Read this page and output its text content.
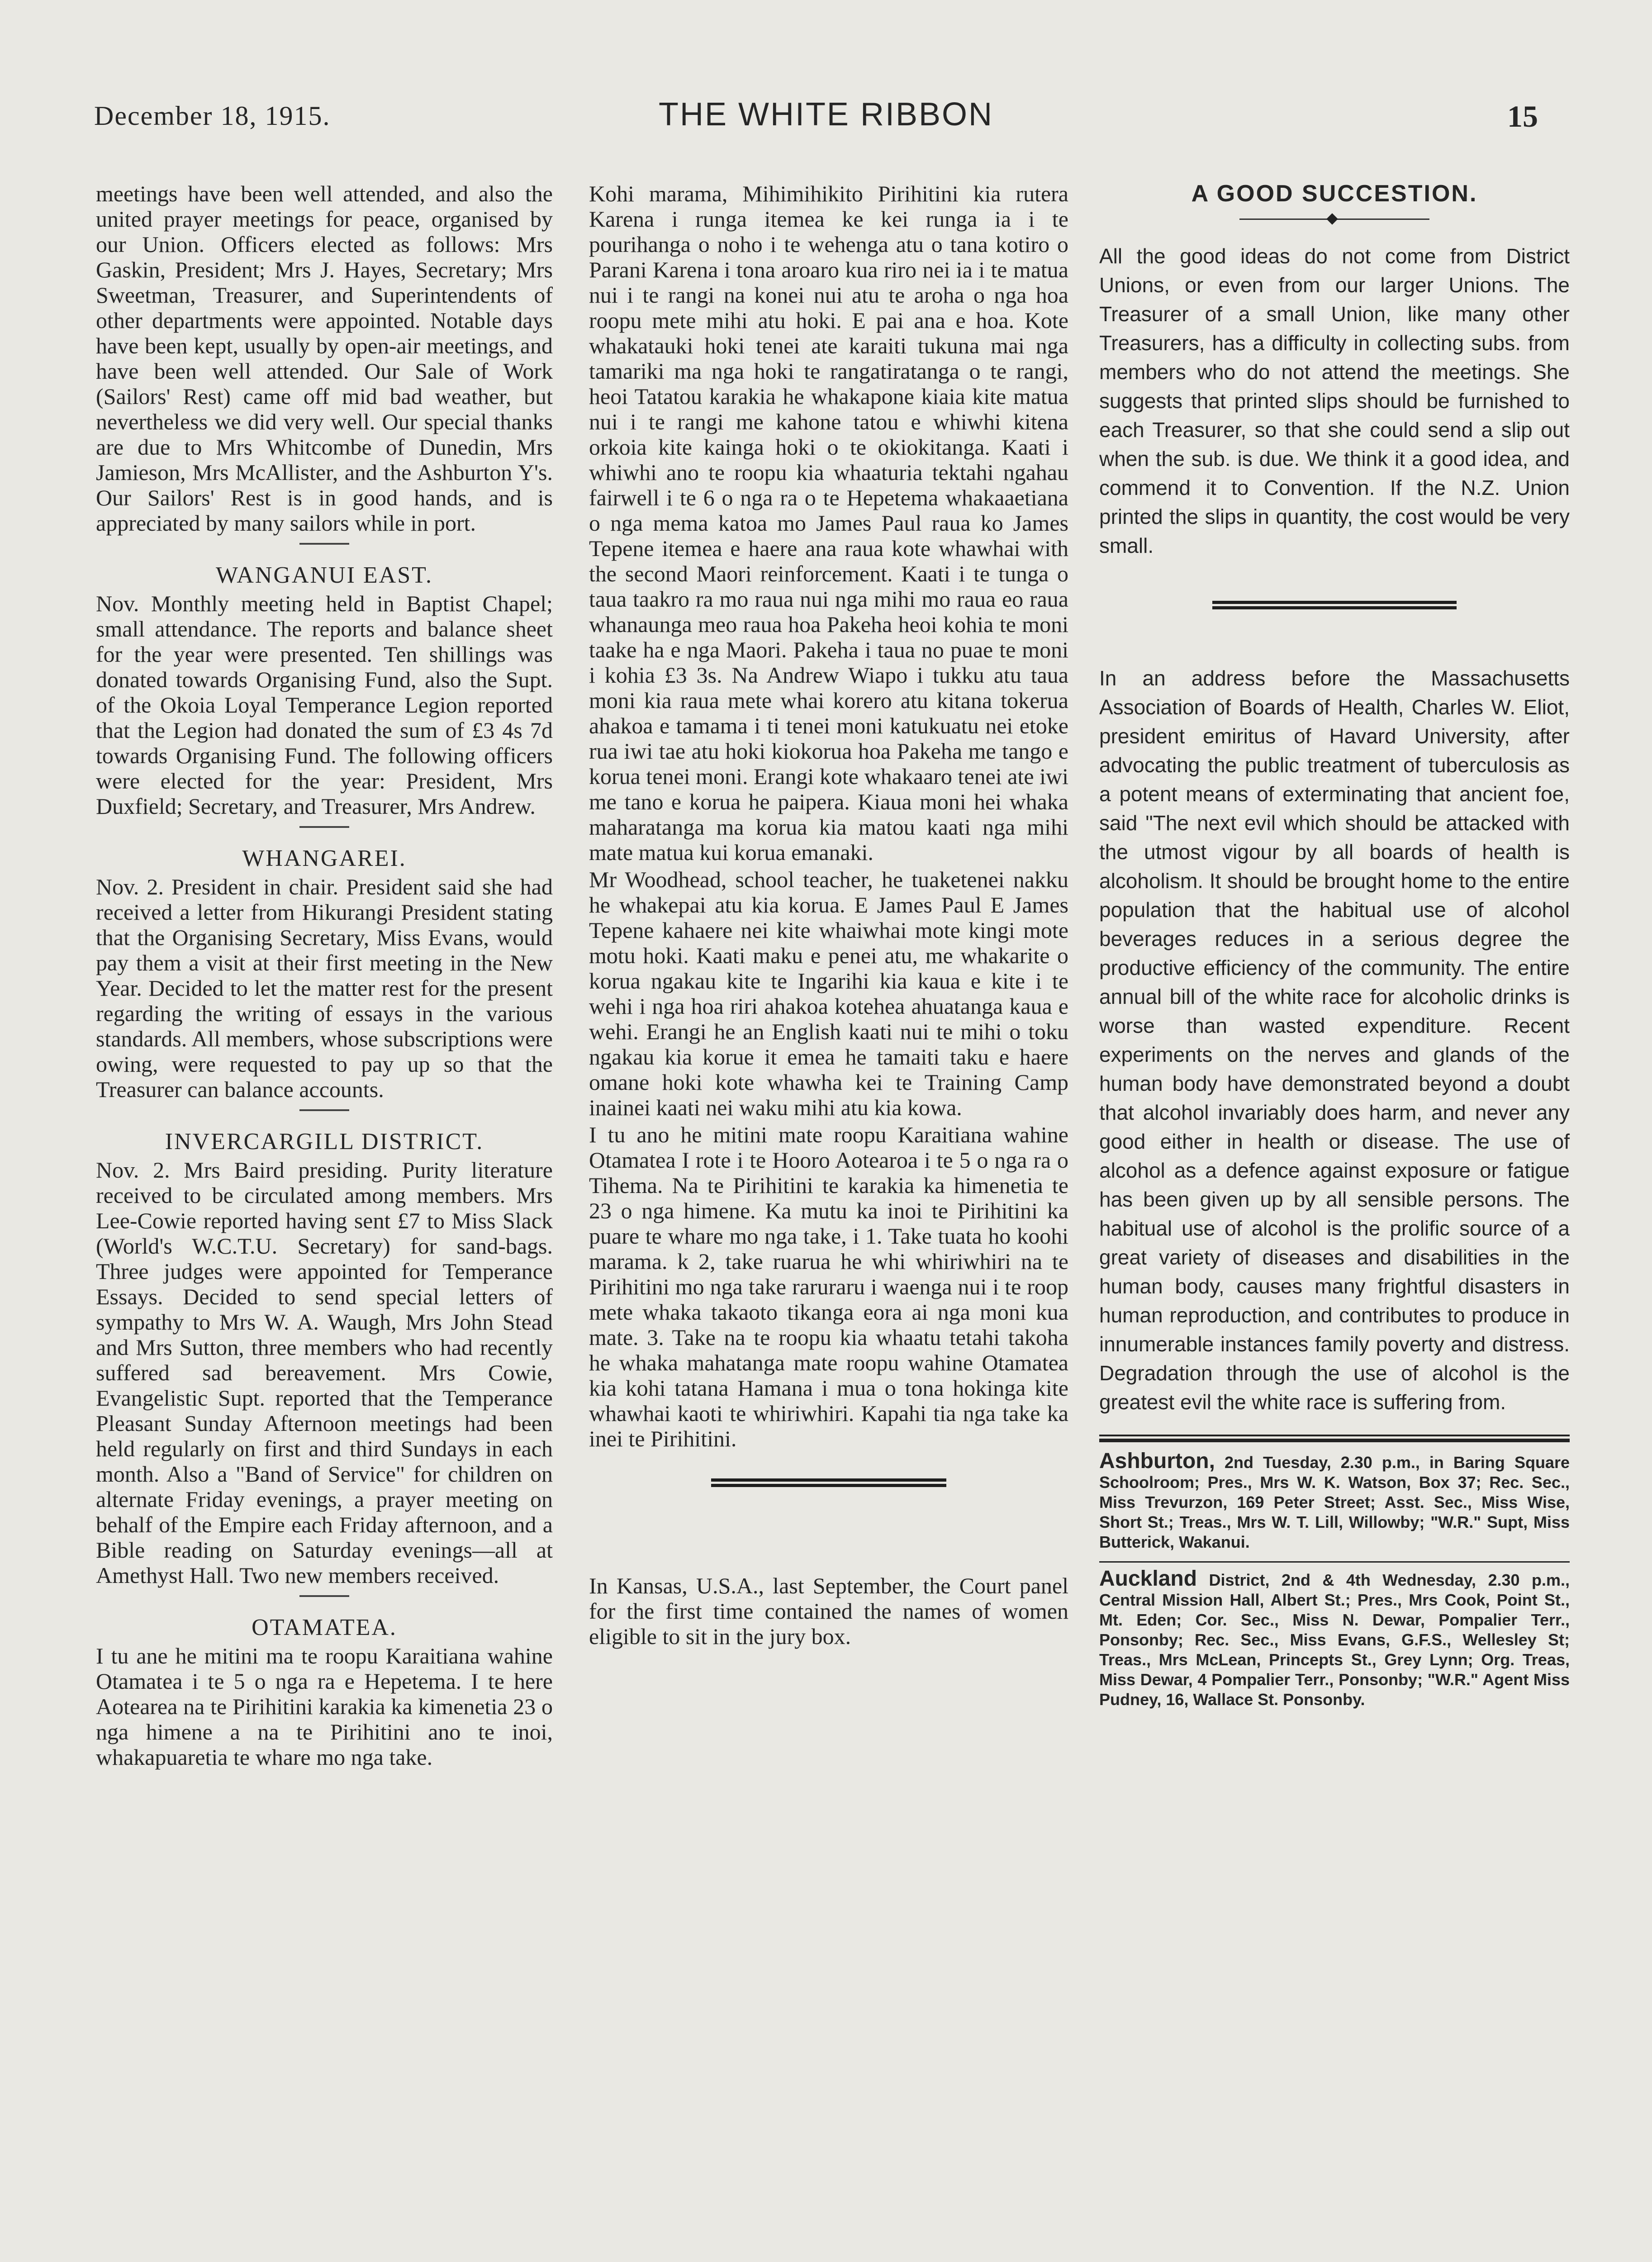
December 18, 1915.	THE WHITE RIBBON	15

meetings have been well attended, and also the united prayer meetings for peace, organised by our Union. Officers elected as follows: Mrs Gaskin, President; Mrs J. Hayes, Secretary; Mrs Sweetman, Treasurer, and Superintendents of other departments were appointed. Notable days have been kept, usually by open-air meetings, and have been well attended. Our Sale of Work (Sailors' Rest) came off mid bad weather, but nevertheless we did very well. Our special thanks are due to Mrs Whitcombe of Dunedin, Mrs Jamieson, Mrs McAllister, and the Ashburton Y's. Our Sailors' Rest is in good hands, and is appreciated by many sailors while in port.

WANGANUI EAST.

Nov. Monthly meeting held in Baptist Chapel; small attendance. The reports and balance sheet for the year were presented. Ten shillings was donated towards Organising Fund, also the Supt. of the Okoia Loyal Temperance Legion reported that the Legion had donated the sum of £3 4s 7d towards Organising Fund. The following officers were elected for the year: President, Mrs Duxfield; Secretary, and Treasurer, Mrs Andrew.

WHANGAREI.

Nov. 2. President in chair. President said she had received a letter from Hikurangi President stating that the Organising Secretary, Miss Evans, would pay them a visit at their first meeting in the New Year. Decided to let the matter rest for the present regarding the writing of essays in the various standards. All members, whose subscriptions were owing, were requested to pay up so that the Treasurer can balance accounts.

INVERCARGILL DISTRICT.

Nov. 2. Mrs Baird presiding. Purity literature received to be circulated among members. Mrs Lee-Cowie reported having sent £7 to Miss Slack (World's W.C.T.U. Secretary) for sand-bags. Three judges were appointed for Temperance Essays. Decided to send special letters of sympathy to Mrs W. A. Waugh, Mrs John Stead and Mrs Sutton, three members who had recently suffered sad bereavement. Mrs Cowie, Evangelistic Supt. reported that the Temperance Pleasant Sunday Afternoon meetings had been held regularly on first and third Sundays in each month. Also a "Band of Service" for children on alternate Friday evenings, a prayer meeting on behalf of the Empire each Friday afternoon, and a Bible reading on Saturday evenings—all at Amethyst Hall. Two new members received.

OTAMATEA.

I tu ane he mitini ma te roopu Karaitiana wahine Otamatea i te 5 o nga ra e Hepetema. I te here Aotearea na te Pirihitini karakia ka kimenetia 23 o nga himene a na te Pirihitini ano te inoi, whakapuaretia te whare mo nga take.

Kohi marama, Mihimihikito Pirihitini kia rutera Karena i runga itemea ke kei runga ia i te pourihanga o noho i te wehenga atu o tana kotiro o Parani Karena i tona aroaro kua riro nei ia i te matua nui i te rangi na konei nui atu te aroha o nga hoa roopu mete mihi atu hoki. E pai ana e hoa. Kote whakatauki hoki tenei ate karaiti tukuna mai nga tamariki ma nga hoki te rangatiratanga o te rangi, heoi Tatatou karakia he whakapone kiaia kite matua nui i te rangi me kahone tatou e whiwhi kitena orkoia kite kainga hoki o te okiokitanga. Kaati i whiwhi ano te roopu kia whaaturia tektahi ngahau fairwell i te 6 o nga ra o te Hepetema whakaaetiana o nga mema katoa mo James Paul raua ko James Tepene itemea e haere ana raua kote whawhai with the second Maori reinforcement. Kaati i te tunga o taua taakro ra mo raua nui nga mihi mo raua eo raua whanaunga meo raua hoa Pakeha heoi kohia te moni taake ha e nga Maori. Pakeha i taua no puae te moni i kohia £3 3s. Na Andrew Wiapo i tukku atu taua moni kia raua mete whai korero atu kitana tokerua ahakoa e tamama i ti tenei moni katukuatu nei etoke rua iwi tae atu hoki kiokorua hoa Pakeha me tango e korua tenei moni. Erangi kote whakaaro tenei ate iwi me tano e korua he paipera. Kiaua moni hei whaka maharatanga ma korua kia matou kaati nga mihi mate matua kui korua emanaki.

Mr Woodhead, school teacher, he tuaketenei nakku he whakepai atu kia korua. E James Paul E James Tepene kahaere nei kite whaiwhai mote kingi mote motu hoki. Kaati maku e penei atu, me whakarite o korua ngakau kite te Ingarihi kia kaua e kite i te wehi i nga hoa riri ahakoa kotehea ahuatanga kaua e wehi. Erangi he an English kaati nui te mihi o toku ngakau kia korue it emea he tamaiti taku e haere omane hoki kote whawha kei te Training Camp inainei kaati nei waku mihi atu kia kowa.

I tu ano he mitini mate roopu Karaitiana wahine Otamatea I rote i te Hooro Aotearoa i te 5 o nga ra o Tihema. Na te Pirihitini te karakia ka himenetia te 23 o nga himene. Ka mutu ka inoi te Pirihitini ka puare te whare mo nga take, i 1. Take tuata ho koohi marama. k 2, take ruarua he whi whiriwhiri na te Pirihitini mo nga take raruraru i waenga nui i te roop mete whaka takaoto tikanga eora ai nga moni kua mate. 3. Take na te roopu kia whaatu tetahi takoha he whaka mahatanga mate roopu wahine Otamatea kia kohi tatana Hamana i mua o tona hokinga kite whawhai kaoti te whiriwhiri. Kapahi tia nga take ka inei te Pirihitini.

In Kansas, U.S.A., last September, the Court panel for the first time contained the names of women eligible to sit in the jury box.

A GOOD SUCCESTION.

All the good ideas do not come from District Unions, or even from our larger Unions. The Treasurer of a small Union, like many other Treasurers, has a difficulty in collecting subs. from members who do not attend the meetings. She suggests that printed slips should be furnished to each Treasurer, so that she could send a slip out when the sub. is due. We think it a good idea, and commend it to Convention. If the N.Z. Union printed the slips in quantity, the cost would be very small.

In an address before the Massachusetts Association of Boards of Health, Charles W. Eliot, president emiritus of Havard University, after advocating the public treatment of tuberculosis as a potent means of exterminating that ancient foe, said "The next evil which should be attacked with the utmost vigour by all boards of health is alcoholism. It should be brought home to the entire population that the habitual use of alcohol beverages reduces in a serious degree the productive efficiency of the community. The entire annual bill of the white race for alcoholic drinks is worse than wasted expenditure. Recent experiments on the nerves and glands of the human body have demonstrated beyond a doubt that alcohol invariably does harm, and never any good either in health or disease. The use of alcohol as a defence against exposure or fatigue has been given up by all sensible persons. The habitual use of alcohol is the prolific source of a great variety of diseases and disabilities in the human body, causes many frightful disasters in human reproduction, and contributes to produce in innumerable instances family poverty and distress. Degradation through the use of alcohol is the greatest evil the white race is suffering from.

Ashburton, 2nd Tuesday, 2.30 p.m., in Baring Square Schoolroom; Pres., Mrs W. K. Watson, Box 37; Rec. Sec., Miss Trevurzon, 169 Peter Street; Asst. Sec., Miss Wise, Short St.; Treas., Mrs W. T. Lill, Willowby; "W.R." Supt, Miss Butterick, Wakanui.
Auckland District, 2nd & 4th Wednesday, 2.30 p.m., Central Mission Hall, Albert St.; Pres., Mrs Cook, Point St., Mt. Eden; Cor. Sec., Miss N. Dewar, Pompalier Terr., Ponsonby; Rec. Sec., Miss Evans, G.F.S., Wellesley St; Treas., Mrs McLean, Princepts St., Grey Lynn; Org. Treas, Miss Dewar, 4 Pompalier Terr., Ponsonby; "W.R." Agent Miss Pudney, 16, Wallace St. Ponsonby.
